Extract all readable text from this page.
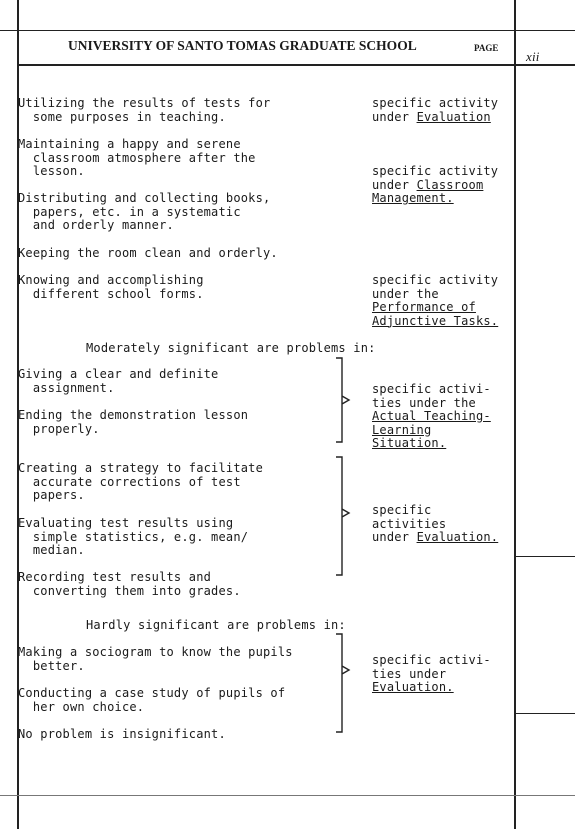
UNIVERSITY OF SANTO TOMAS GRADUATE SCHOOL	PAGE
xii
Utilizing the results of tests for
some purposes in teaching.
Maintaining a happy and serene
classroom atmosphere after the
lesson.
Distributing and collecting books,
papers, etc. in a systematic
and orderly manner.
Keeping the room clean and orderly.
Knowing and accomplishing
different school forms.
specific activity
under Evaluation
specific activity
under Classroom
Management.
specific activity
under the
Performance of
Adjunctive Tasks.
Moderately significant are problems in:
Giving a clear and definite
assignment.
Ending the demonstration lesson
properly.
specific activi-
ties under the
Actual Teaching-
Learning
Situation.
Creating a strategy to facilitate
accurate corrections of test
papers.
Evaluating test results using
simple statistics, e.g. mean/
median.
Recording test results and
converting them into grades.
specific
activities
under Evaluation.
Hardly significant are problems in:
Making a sociogram to know the pupils
better.
Conducting a case study of pupils of
her own choice.
specific activi-
ties under
Evaluation.
No problem is insignificant.
